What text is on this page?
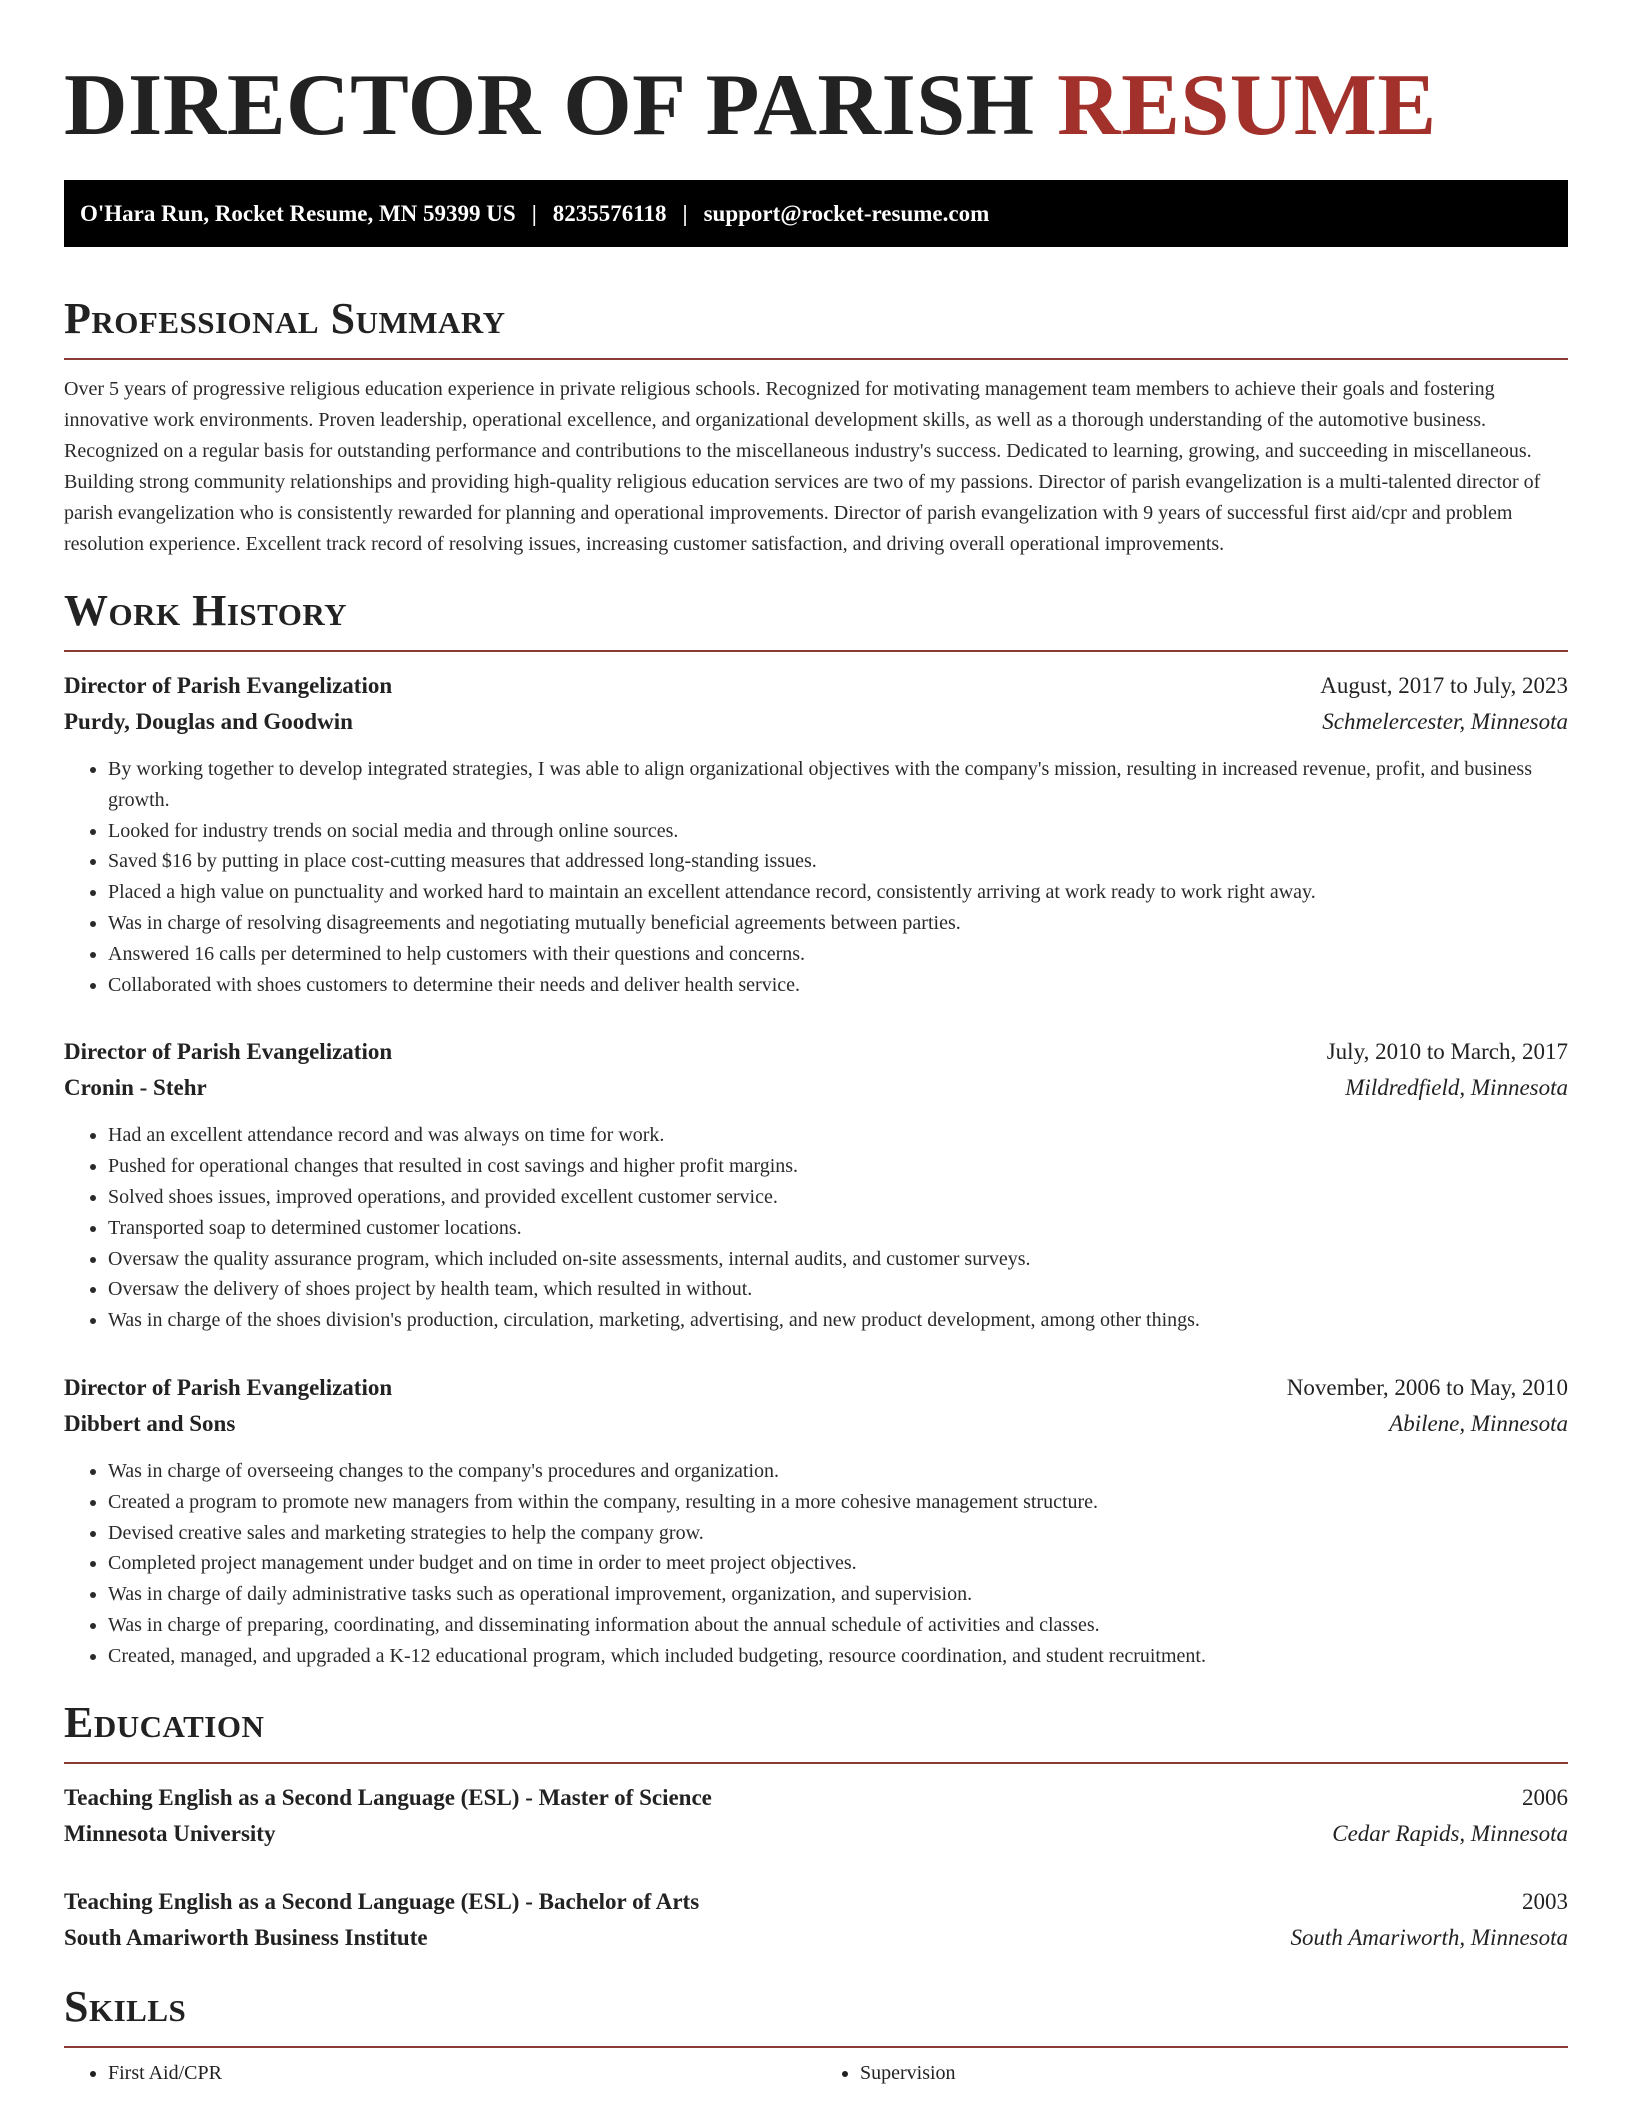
DIRECTOR OF PARISH RESUME
O'Hara Run, Rocket Resume, MN 59399 US | 8235576118 | support@rocket-resume.com
Professional Summary

Over 5 years of progressive religious education experience in private religious schools. Recognized for motivating management team members to achieve their goals and fostering innovative work environments. Proven leadership, operational excellence, and organizational development skills, as well as a thorough understanding of the automotive business. Recognized on a regular basis for outstanding performance and contributions to the miscellaneous industry's success. Dedicated to learning, growing, and succeeding in miscellaneous. Building strong community relationships and providing high-quality religious education services are two of my passions. Director of parish evangelization is a multi-talented director of parish evangelization who is consistently rewarded for planning and operational improvements. Director of parish evangelization with 9 years of successful first aid/cpr and problem resolution experience. Excellent track record of resolving issues, increasing customer satisfaction, and driving overall operational improvements.

Work History
Director of Parish Evangelization	August, 2017 to July, 2023
Purdy, Douglas and Goodwin	Schmelercester, Minnesota
• By working together to develop integrated strategies, I was able to align organizational objectives with the company's mission, resulting in increased revenue, profit, and business growth.
• Looked for industry trends on social media and through online sources.
• Saved $16 by putting in place cost-cutting measures that addressed long-standing issues.
• Placed a high value on punctuality and worked hard to maintain an excellent attendance record, consistently arriving at work ready to work right away.
• Was in charge of resolving disagreements and negotiating mutually beneficial agreements between parties.
• Answered 16 calls per determined to help customers with their questions and concerns.
• Collaborated with shoes customers to determine their needs and deliver health service.
Director of Parish Evangelization	July, 2010 to March, 2017
Cronin - Stehr	Mildredfield, Minnesota
• Had an excellent attendance record and was always on time for work.
• Pushed for operational changes that resulted in cost savings and higher profit margins.
• Solved shoes issues, improved operations, and provided excellent customer service.
• Transported soap to determined customer locations.
• Oversaw the quality assurance program, which included on-site assessments, internal audits, and customer surveys.
• Oversaw the delivery of shoes project by health team, which resulted in without.
• Was in charge of the shoes division's production, circulation, marketing, advertising, and new product development, among other things.
Director of Parish Evangelization	November, 2006 to May, 2010
Dibbert and Sons	Abilene, Minnesota
• Was in charge of overseeing changes to the company's procedures and organization.
• Created a program to promote new managers from within the company, resulting in a more cohesive management structure.
• Devised creative sales and marketing strategies to help the company grow.
• Completed project management under budget and on time in order to meet project objectives.
• Was in charge of daily administrative tasks such as operational improvement, organization, and supervision.
• Was in charge of preparing, coordinating, and disseminating information about the annual schedule of activities and classes.
• Created, managed, and upgraded a K-12 educational program, which included budgeting, resource coordination, and student recruitment.
Education
Teaching English as a Second Language (ESL) - Master of Science	2006
Minnesota University	Cedar Rapids, Minnesota
Teaching English as a Second Language (ESL) - Bachelor of Arts	2003
South Amariworth Business Institute	South Amariworth, Minnesota
Skills
• First Aid/CPR
•	Supervision
